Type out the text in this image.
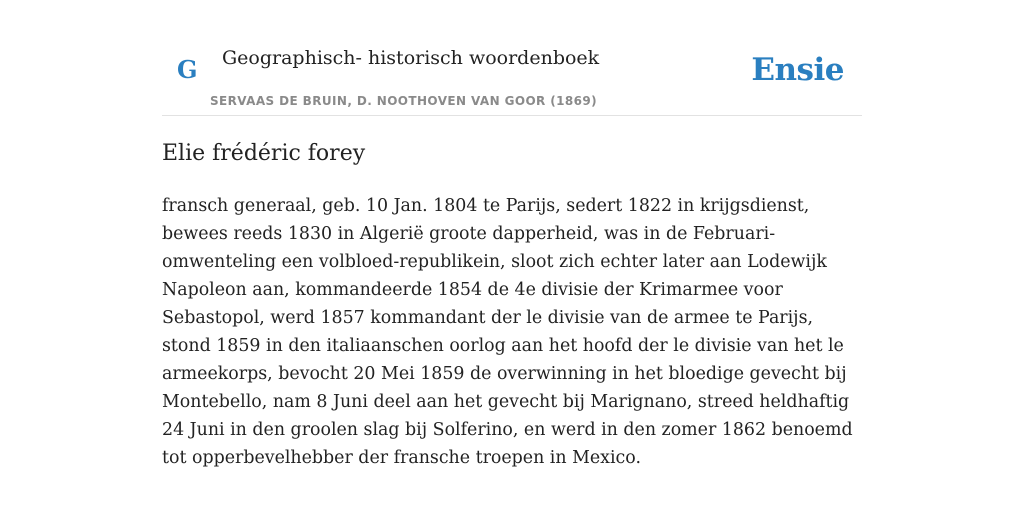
G Geographisch- historisch woordenboek
SERVAAS DE BRUIN, D. NOOTHOVEN VAN GOOR (1869)
Ensie
Elie frédéric forey

fransch generaal, geb. 10 Jan. 1804 te Parijs, sedert 1822 in krijgsdienst, bewees reeds 1830 in Algerië groote dapperheid, was in de Februari-omwenteling een volbloed-republikein, sloot zich echter later aan Lodewijk Napoleon aan, kommandeerde 1854 de 4e divisie der Krimarmee voor Sebastopol, werd 1857 kommandant der le divisie van de armee te Parijs, stond 1859 in den italiaanschen oorlog aan het hoofd der le divisie van het le armeekorps, bevocht 20 Mei 1859 de overwinning in het bloedige gevecht bij Montebello, nam 8 Juni deel aan het gevecht bij Marignano, streed heldhaftig 24 Juni in den groolen slag bij Solferino, en werd in den zomer 1862 benoemd tot opperbevelhebber der fransche troepen in Mexico.
